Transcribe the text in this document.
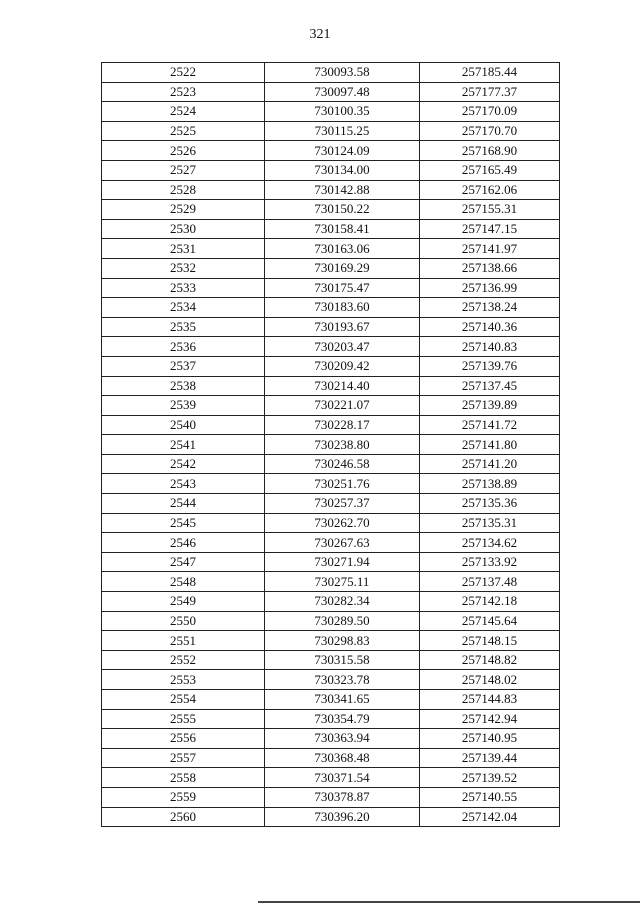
321
2522	730093.58	257185.44
2523	730097.48	257177.37
2524	730100.35	257170.09
2525	730115.25	257170.70
2526	730124.09	257168.90
2527	730134.00	257165.49
2528	730142.88	257162.06
2529	730150.22	257155.31
2530	730158.41	257147.15
2531	730163.06	257141.97
2532	730169.29	257138.66
2533	730175.47	257136.99
2534	730183.60	257138.24
2535	730193.67	257140.36
2536	730203.47	257140.83
2537	730209.42	257139.76
2538	730214.40	257137.45
2539	730221.07	257139.89
2540	730228.17	257141.72
2541	730238.80	257141.80
2542	730246.58	257141.20
2543	730251.76	257138.89
2544	730257.37	257135.36
2545	730262.70	257135.31
2546	730267.63	257134.62
2547	730271.94	257133.92
2548	730275.11	257137.48
2549	730282.34	257142.18
2550	730289.50	257145.64
2551	730298.83	257148.15
2552	730315.58	257148.82
2553	730323.78	257148.02
2554	730341.65	257144.83
2555	730354.79	257142.94
2556	730363.94	257140.95
2557	730368.48	257139.44
2558	730371.54	257139.52
2559	730378.87	257140.55
2560	730396.20	257142.04
